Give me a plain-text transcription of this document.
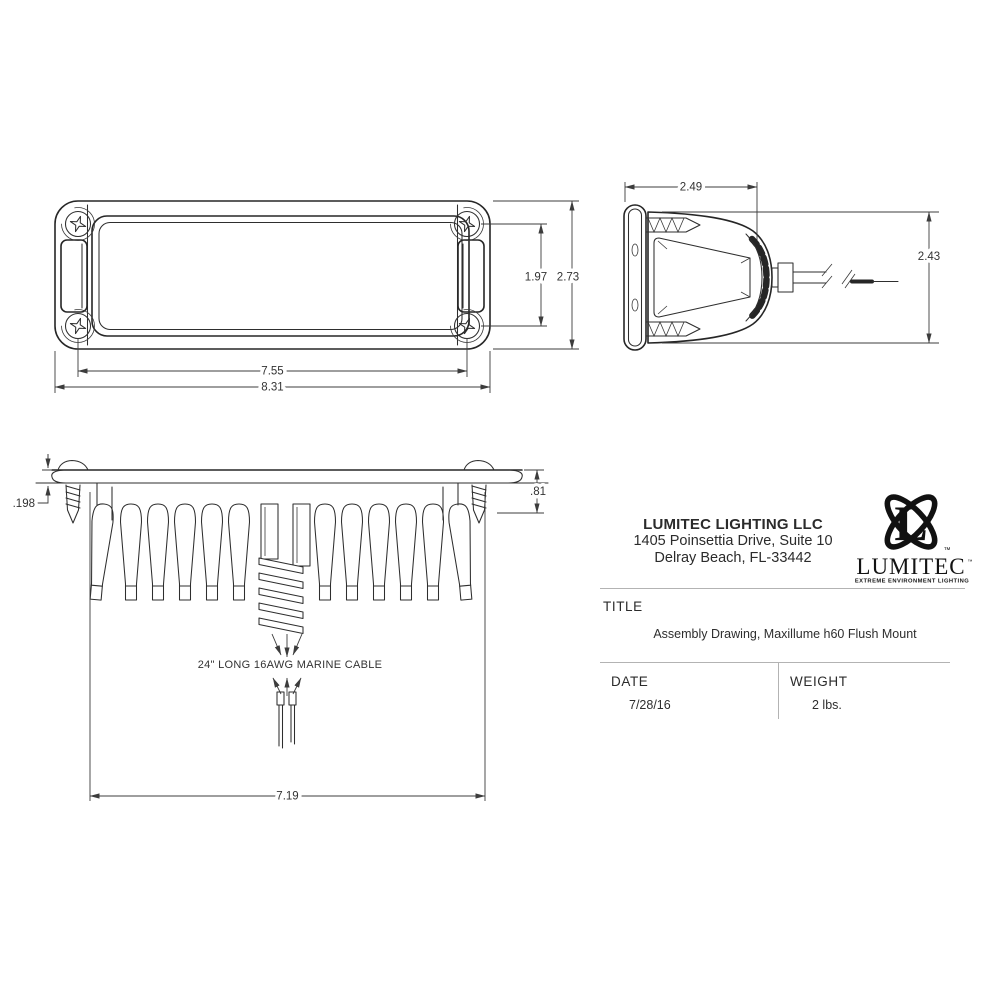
7.55
8.31
1.97 2.73
2.49
2.43
24" LONG 16AWG MARINE CABLE
.198
.81
7.19
LUMITEC LIGHTING LLC
1405 Poinsettia Drive, Suite 10
Delray Beach, FL-33442
L ™
LUMITEC ™
EXTREME ENVIRONMENT LIGHTING
TITLE
Assembly Drawing, Maxillume h60 Flush Mount
DATE
7/28/16
WEIGHT
2 lbs.
